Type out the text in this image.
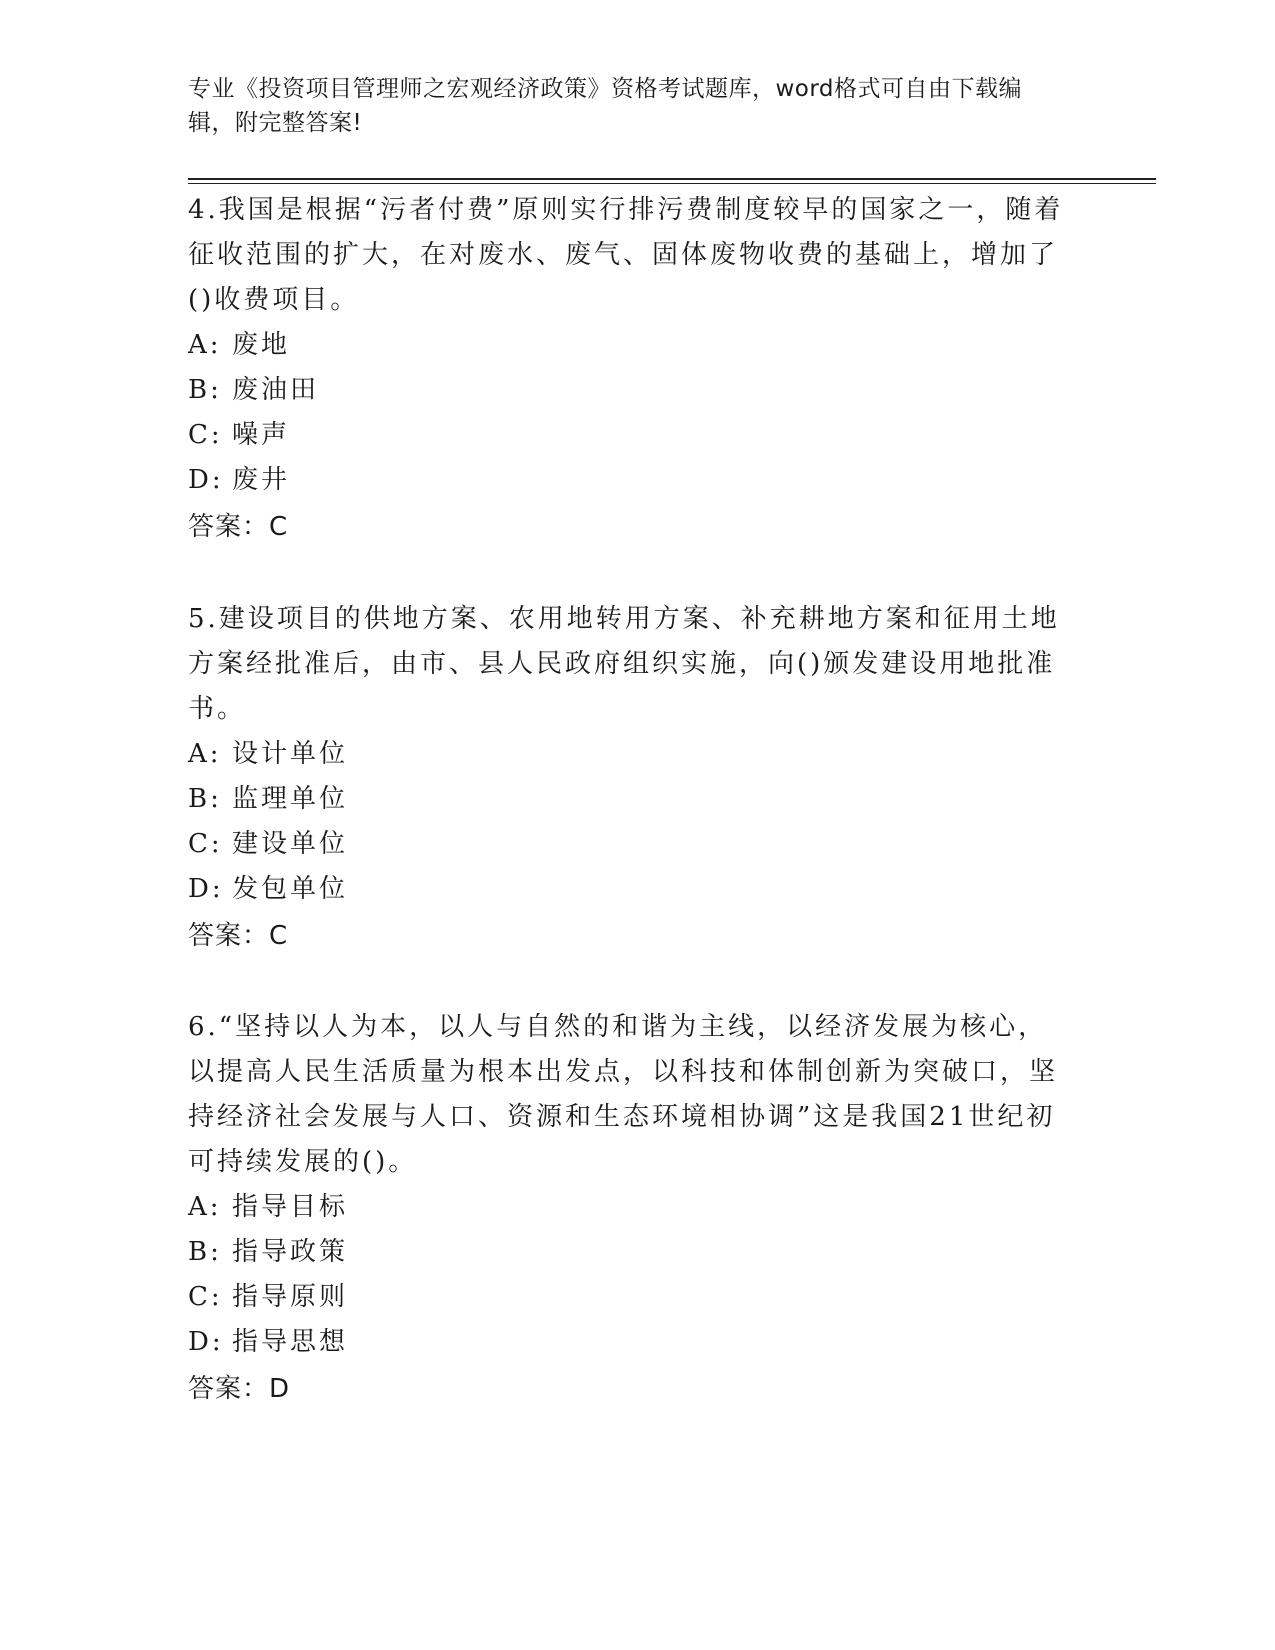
专业《投资项目管理师之宏观经济政策》资格考试题库，word格式可自由下载编
辑，附完整答案!

4.我国是根据“污者付费”原则实行排污费制度较早的国家之一，随着征收范围的扩大，在对废水、废气、固体废物收费的基础上，增加了()收费项目。

A: 废地
B: 废油田
C: 噪声
D: 废井

答案：C

5.建设项目的供地方案、农用地转用方案、补充耕地方案和征用土地方案经批准后，由市、县人民政府组织实施，向()颁发建设用地批准书。

A: 设计单位
B: 监理单位
C: 建设单位
D: 发包单位

答案：C

6.“坚持以人为本，以人与自然的和谐为主线，以经济发展为核心，以提高人民生活质量为根本出发点，以科技和体制创新为突破口，坚持经济社会发展与人口、资源和生态环境相协调”这是我国21世纪初可持续发展的()。

A: 指导目标
B: 指导政策
C: 指导原则
D: 指导思想

答案：D
